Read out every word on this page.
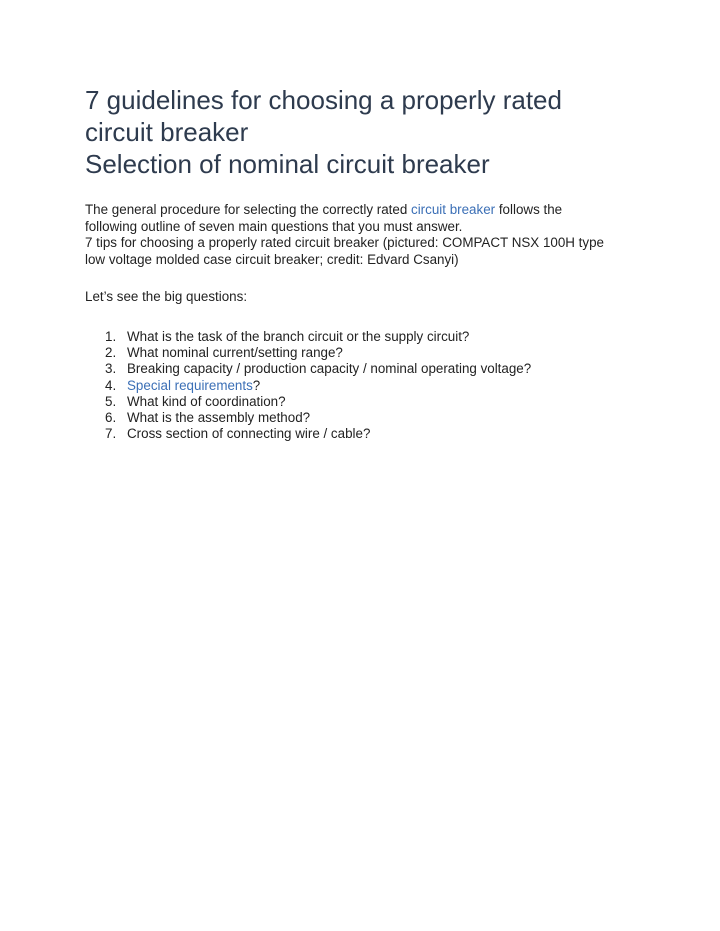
7 guidelines for choosing a properly rated
circuit breaker
Selection of nominal circuit breaker

The general procedure for selecting the correctly rated circuit breaker follows the
following outline of seven main questions that you must answer.
7 tips for choosing a properly rated circuit breaker (pictured: COMPACT NSX 100H type
low voltage molded case circuit breaker; credit: Edvard Csanyi)

Let’s see the big questions:

1. What is the task of the branch circuit or the supply circuit?
2. What nominal current/setting range?
3. Breaking capacity / production capacity / nominal operating voltage?
4. Special requirements?
5. What kind of coordination?
6. What is the assembly method?
7. Cross section of connecting wire / cable?
